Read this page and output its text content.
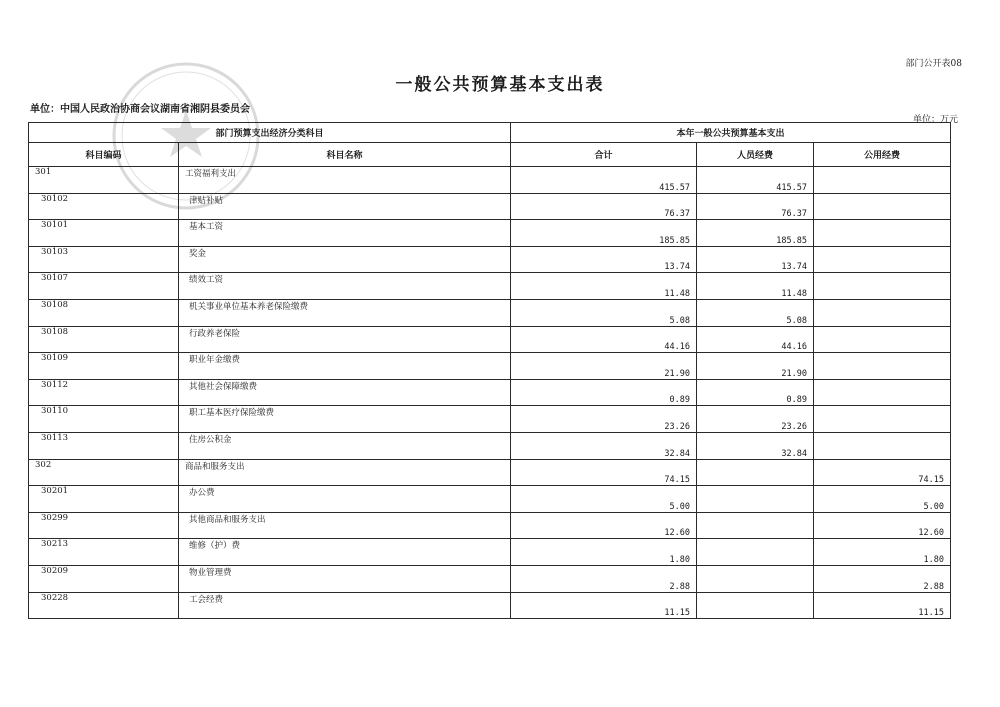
部门公开表08
一般公共预算基本支出表
单位：中国人民政治协商会议湖南省湘阴县委员会
单位：万元
部门预算支出经济分类科目		本年一般公共预算基本支出		
科目编码	科目名称	合计	人员经费	公用经费
301	工资福利支出	415.57	415.57	
30102	津贴补贴	76.37	76.37	
30101	基本工资	185.85	185.85	
30103	奖金	13.74	13.74	
30107	绩效工资	11.48	11.48	
30108	机关事业单位基本养老保险缴费	5.08	5.08	
30108	行政养老保险	44.16	44.16	
30109	职业年金缴费	21.90	21.90	
30112	其他社会保障缴费	0.89	0.89	
30110	职工基本医疗保险缴费	23.26	23.26	
30113	住房公积金	32.84	32.84	
302	商品和服务支出	74.15		74.15
30201	办公费	5.00		5.00
30299	其他商品和服务支出	12.60		12.60
30213	维修（护）费	1.80		1.80
30209	物业管理费	2.88		2.88
30228	工会经费	11.15		11.15
